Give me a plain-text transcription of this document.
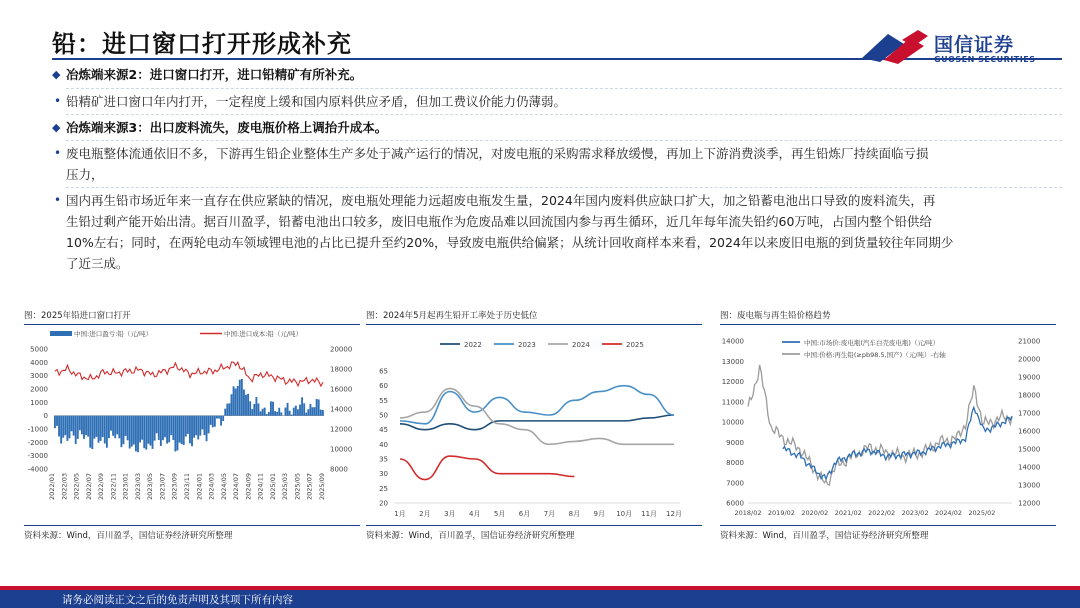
铅：进口窗口打开形成补充	国信证券
GUOSEN SECURITIES
◆ 冶炼端来源2：进口窗口打开，进口铅精矿有所补充。
• 铅精矿进口窗口年内打开，一定程度上缓和国内原料供应矛盾，但加工费议价能力仍薄弱。
◆ 冶炼端来源3：出口废料流失，废电瓶价格上调抬升成本。
• 废电瓶整体流通依旧不多，下游再生铅企业整体生产多处于减产运行的情况，对废电瓶的采购需求释放缓慢，再加上下游消费淡季，再生铅炼厂持续面临亏损
压力，
• 国内再生铅市场近年来一直存在供应紧缺的情况，废电瓶处理能力远超废电瓶发生量，2024年国内废料供应缺口扩大，加之铅蓄电池出口导致的废料流失，再
生铅过剩产能开始出清。据百川盈孚，铅蓄电池出口较多，废旧电瓶作为危废品难以回流国内参与再生循环，近几年每年流失铅约60万吨，占国内整个铅供给
10%左右；同时，在两轮电动车领域锂电池的占比已提升至约20%，导致废电瓶供给偏紧；从统计回收商样本来看，2024年以来废旧电瓶的到货量较往年同期少
了近三成。
图：2025年铅进口窗口打开
中国:进口盈亏:铅（元/吨）	中国:进口成本:铅（元/吨）
5000
4000
3000
2000
1000
0
-1000
-2000
-3000
-4000
20000
18000
16000
14000
12000
10000
8000
2022/01 2022/03 2022/05 2022/07 2022/09 2022/11 2023/01 2023/03 2023/05 2023/07 2023/09 2023/11 2024/01 2024/03 2024/05 2024/07 2024/09 2024/11 2025/01 2025/03 2025/05 2025/07 2025/09
资料来源：Wind，百川盈孚，国信证券经济研究所整理
图：2024年5月起再生铅开工率处于历史低位
2022	2023	2024	2025
65
60
55
50
45
40
35
30
25
20
1月 2月 3月 4月 5月 6月 7月 8月 9月 10月 11月 12月
资料来源：Wind，百川盈孚，国信证券经济研究所整理
图：废电瓶与再生铅价格趋势
中国:市场价:废电瓶(汽车白壳废电瓶)（元/吨）
中国:价格:再生铅(≥pb98.5,国产)（元/吨）-右轴
14000
13000
12000
11000
10000
9000
8000
7000
6000
21000
20000
19000
18000
17000
16000
15000
14000
13000
12000
2018/02 2019/02 2020/02 2021/02 2022/02 2023/02 2024/02 2025/02
资料来源：Wind，百川盈孚，国信证券经济研究所整理
请务必阅读正文之后的免责声明及其项下所有内容
